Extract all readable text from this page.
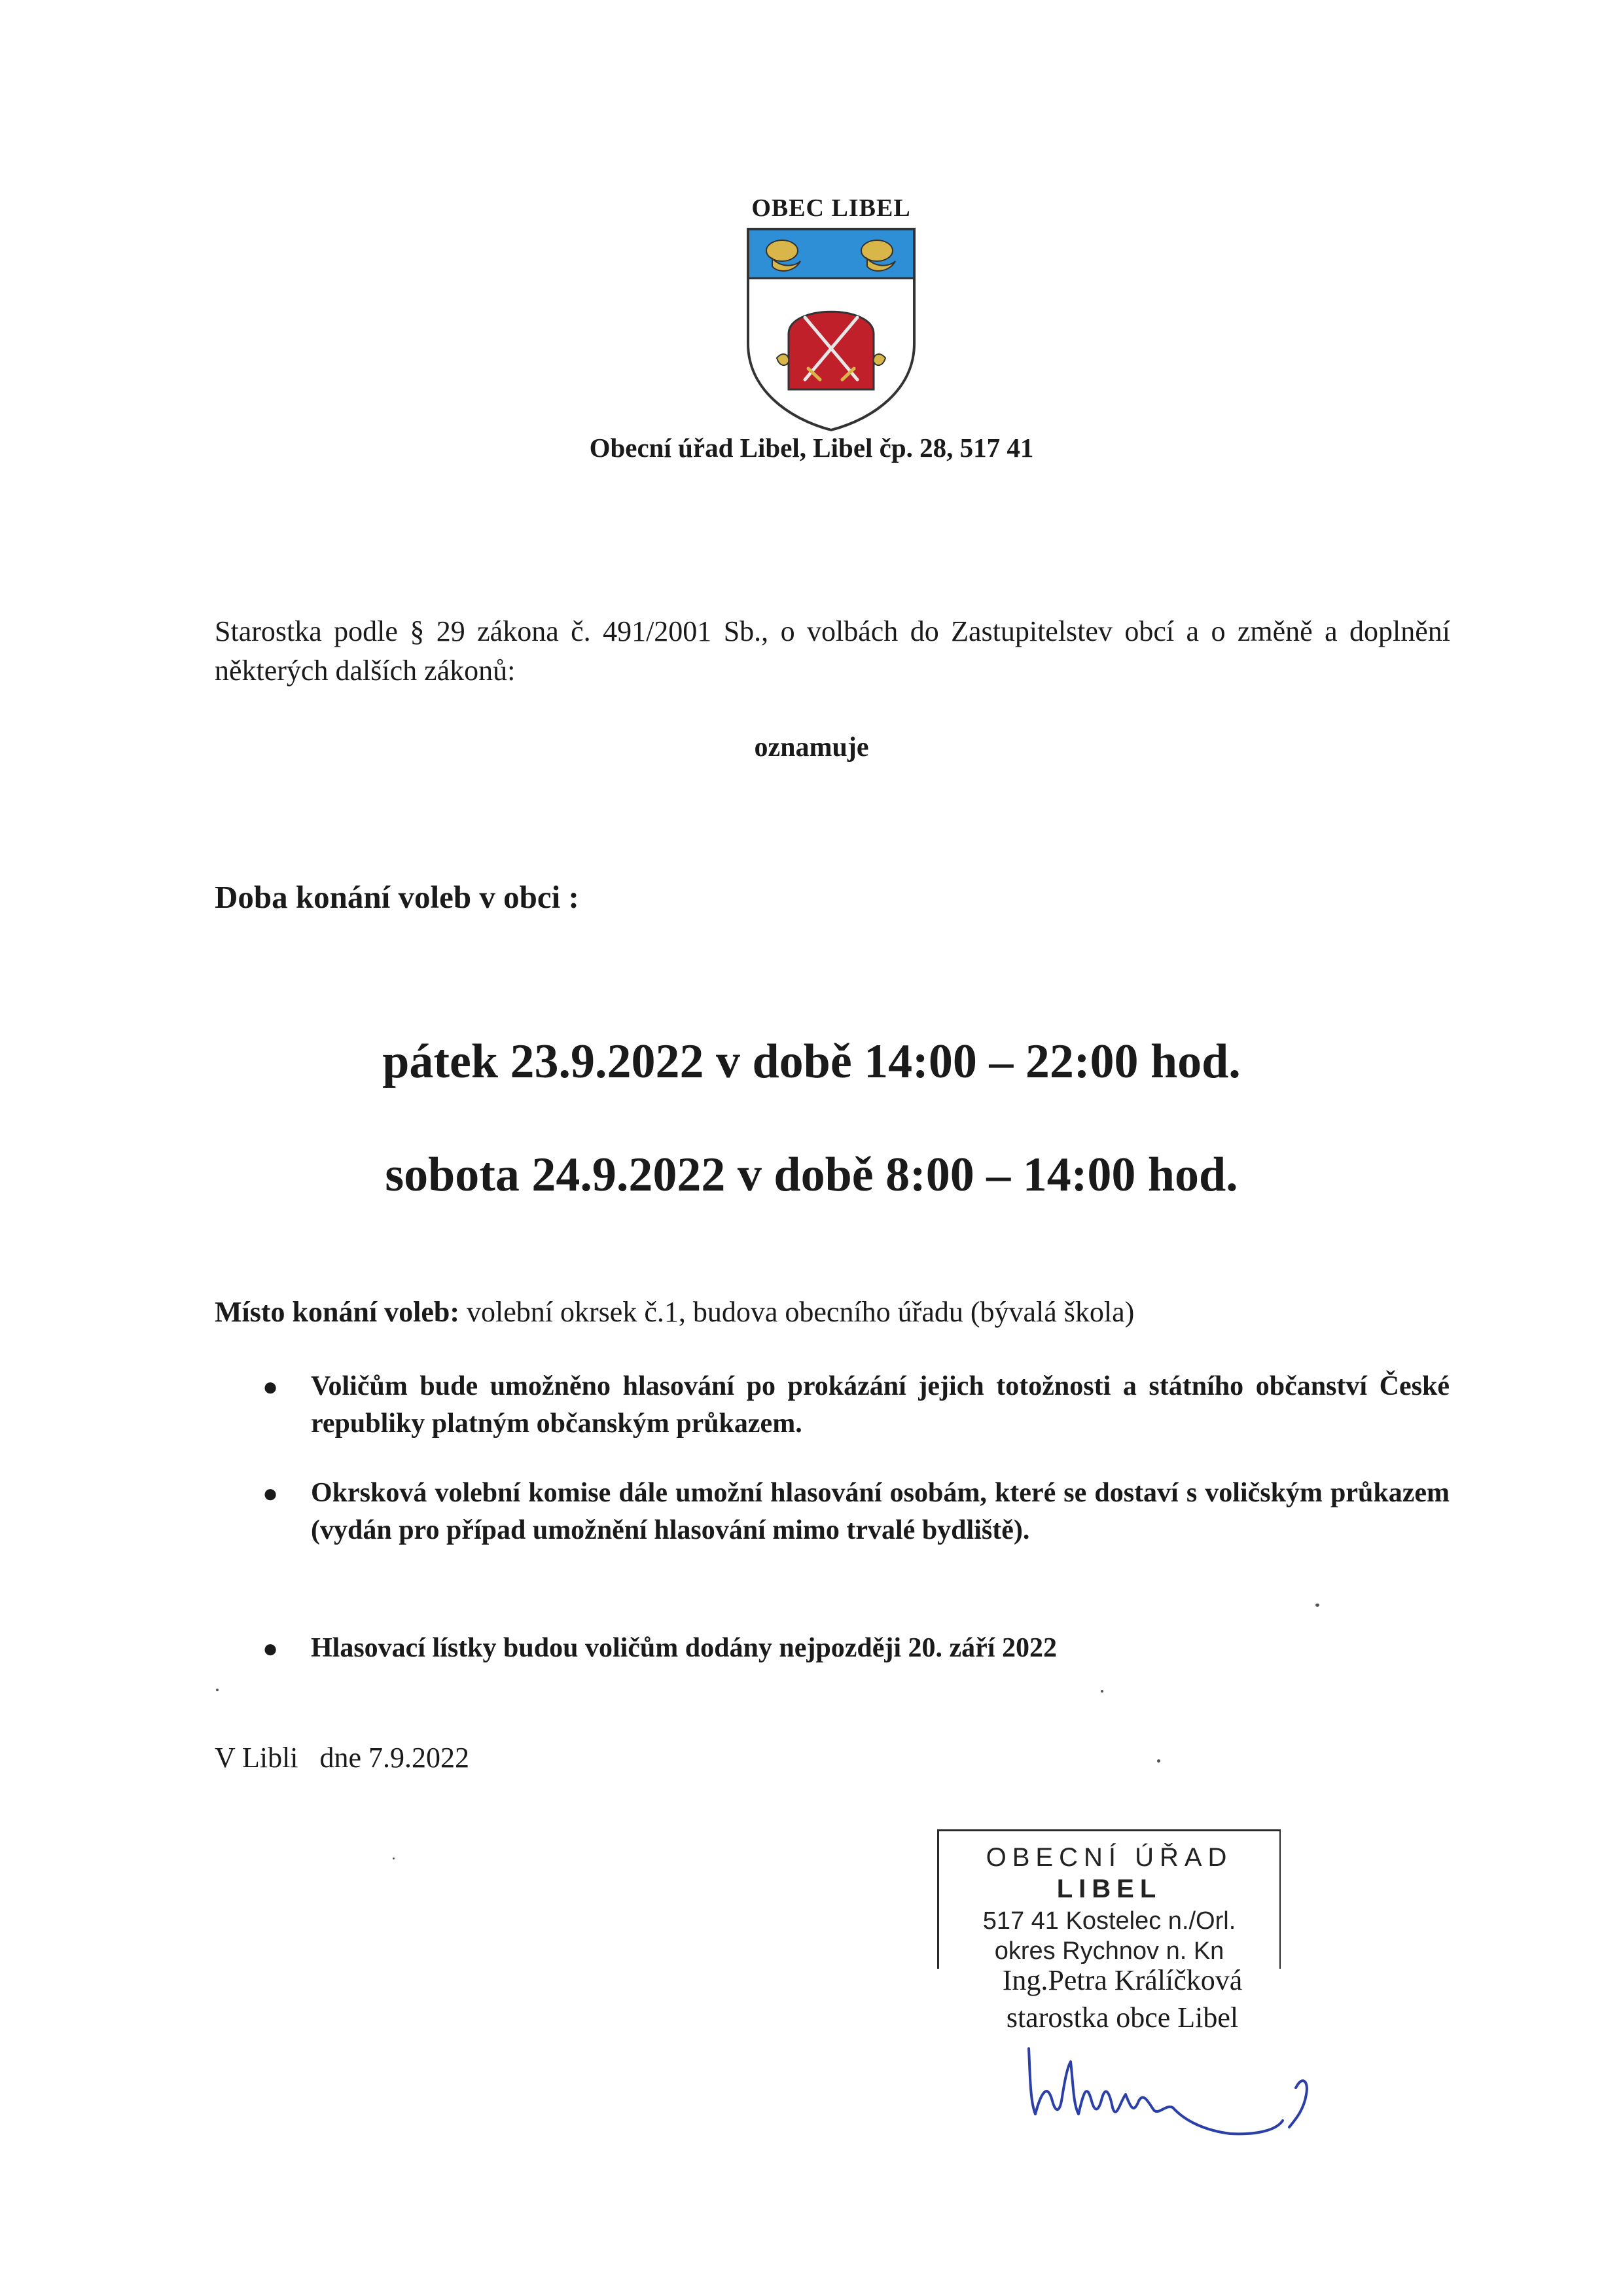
OBEC LIBEL
Obecní úřad Libel, Libel čp. 28, 517 41
Starostka podle § 29 zákona č. 491/2001 Sb., o volbách do Zastupitelstev obcí a o změně a doplnění některých dalších zákonů:
oznamuje
Doba konání voleb v obci :
pátek 23.9.2022 v době 14:00 – 22:00 hod.
sobota 24.9.2022 v době 8:00 – 14:00 hod.
Místo konání voleb: volební okrsek č.1, budova obecního úřadu (bývalá škola)
● Voličům bude umožněno hlasování po prokázání jejich totožnosti a státního občanství České republiky platným občanským průkazem.
● Okrsková volební komise dále umožní hlasování osobám, které se dostaví s voličským průkazem (vydán pro případ umožnění hlasování mimo trvalé bydliště).
● Hlasovací lístky budou voličům dodány nejpozději 20. září 2022
V Libli   dne 7.9.2022
OBECNÍ ÚŘAD
LIBEL
517 41 Kostelec n./Orl.
okres Rychnov n. Kn
Ing.Petra Králíčková
starostka obce Libel
